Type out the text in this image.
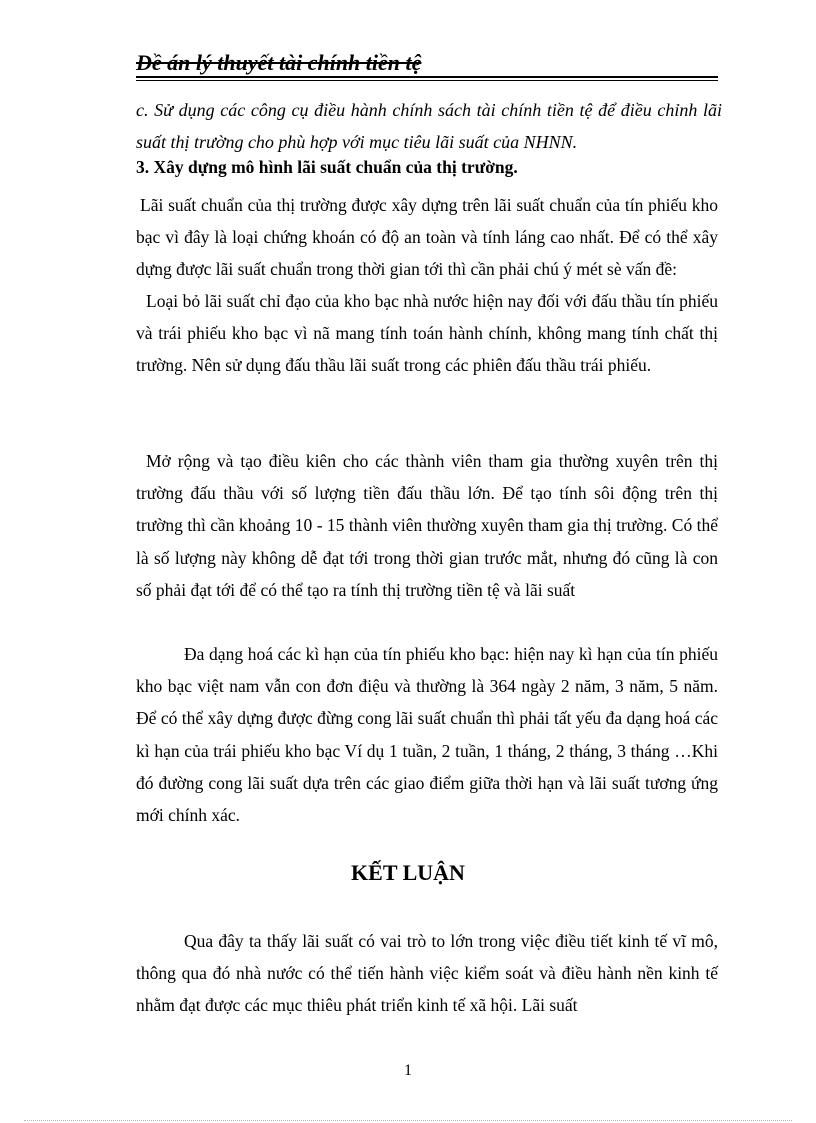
Đề án lý thuyết tài chính tiền tệ
c. Sử dụng các công cụ điều hành chính sách tài chính tiền tệ để điều chỉnh lãi suất thị trường cho phù hợp với mục tiêu lãi suất của NHNN.
3. Xây dựng mô hình lãi suất chuẩn của thị trường.
Lãi suất chuẩn của thị trường được xây dựng trên lãi suất chuẩn của tín phiếu kho bạc vì đây là loại chứng khoán có độ an toàn và tính láng cao nhất. Để có thể xây dựng được lãi suất chuẩn trong thời gian tới thì cần phải chú ý mét sè vấn đề:
Loại bỏ lãi suất chỉ đạo của kho bạc nhà nước hiện nay đối với đấu thầu tín phiếu và trái phiếu kho bạc vì nã mang tính toán hành chính, không mang tính chất thị trường. Nên sử dụng đấu thầu lãi suất trong các phiên đấu thầu trái phiếu.
Mở rộng và tạo điều kiên cho các thành viên tham gia thường xuyên trên thị trường đấu thầu với số lượng tiền đấu thầu lớn. Để tạo tính sôi động trên thị trường thì cần khoảng 10 - 15 thành viên thường xuyên tham gia thị trường. Có thể là số lượng này không dễ đạt tới trong thời gian trước mắt, nhưng đó cũng là con số phải đạt tới để có thể tạo ra tính thị trường tiền tệ và lãi suất
Đa dạng hoá các kì hạn của tín phiếu kho bạc: hiện nay kì hạn của tín phiếu kho bạc việt nam vẫn con đơn điệu và thường là 364 ngày 2 năm, 3 năm, 5 năm. Để có thể xây dựng được đừng cong lãi suất chuẩn thì phải tất yếu đa dạng hoá các kì hạn của trái phiếu kho bạc Ví dụ 1 tuần, 2 tuần, 1 tháng, 2 tháng, 3 tháng …Khi đó đường cong lãi suất dựa trên các giao điểm giữa thời hạn và lãi suất tương ứng mới chính xác.
KẾT LUẬN
Qua đây ta thấy lãi suất có vai trò to lớn trong việc điều tiết kinh tế vĩ mô, thông qua đó nhà nước có thể tiến hành việc kiểm soát và điều hành nền kinh tế nhằm đạt được các mục thiêu phát triển kinh tế xã hội. Lãi suất
1
